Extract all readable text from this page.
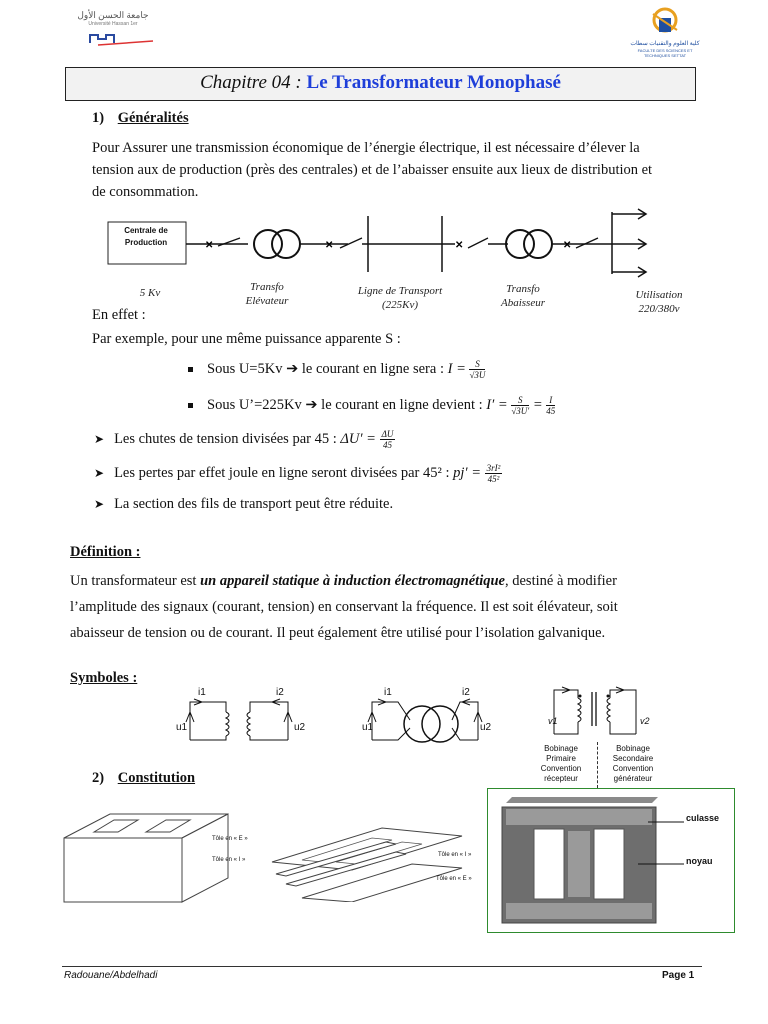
جامعة الحسن الأول
Université Hassan 1er
كلية العلوم والتقنيات سطات
FACULTE DES SCIENCES ET TECHNIQUES SETTAT
Chapitre 04 : Le Transformateur Monophasé
1) Généralités
Pour Assurer une transmission économique de l’énergie électrique, il est nécessaire d’élever la
tension aux de production (près des centrales) et de l’abaisser ensuite aux lieux de distribution et
de consommation.
✕	✕	✕	✕
Centrale de Production
5 Kv	Transfo Elévateur
Ligne de Transport (225Kv)
Transfo Abaisseur
Utilisation 220/380v
En effet :
Par exemple, pour une même puissance apparente S :
Sous U=5Kv ➔ le courant en ligne sera : $I = \frac{S}{√3U}$
Sous U’=225Kv ➔ le courant en ligne devient : $I' = \frac{S}{√3U'} = \frac{I}{45}$
➤ Les chutes de tension divisées par 45 : $\Delta U' = \frac{\Delta U}{45}$
➤ Les pertes par effet joule en ligne seront divisées par 45² : $pj' = \frac{\text{3rI²}}{\text{45²}}$
➤ La section des fils de transport peut être réduite.
Définition :
Un transformateur est un appareil statique à induction électromagnétique, destiné à modifier
l’amplitude des signaux (courant, tension) en conservant la fréquence. Il est soit élévateur, soit
abaisseur de tension ou de courant. Il peut également être utilisé pour l’isolation galvanique.
Symboles :
i1	i2
u1	u2
i1	i2
u1	u2
v1	v2
Bobinage Primaire Convention récepteur
Bobinage Secondaire Convention générateur
2) Constitution
Tôle en « E »
Tôle en « I »
Tôle en « I »
Tôle en « E »
culasse
noyau
Radouane/Abdelhadi	Page 1
